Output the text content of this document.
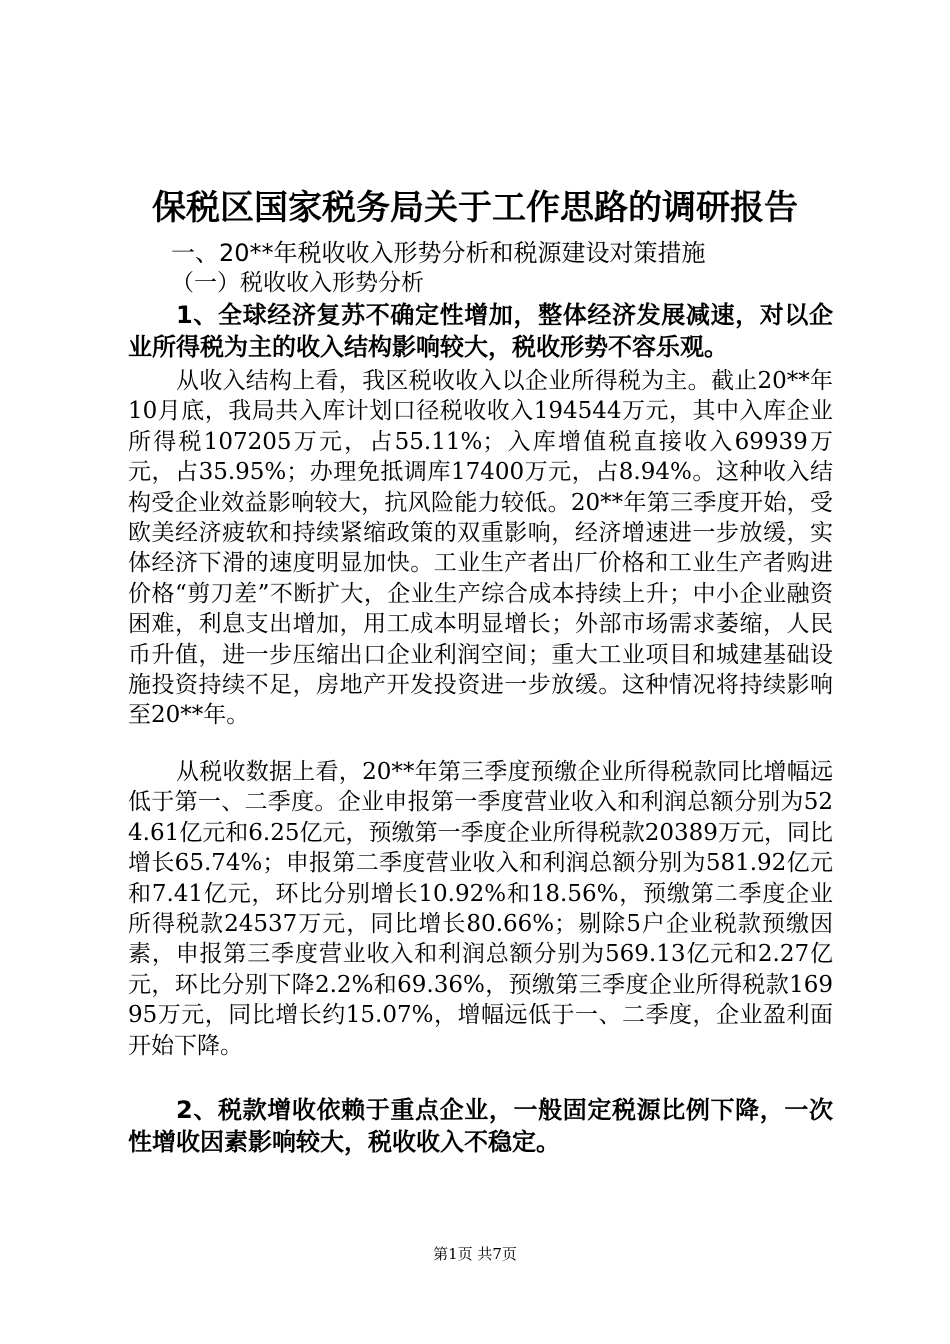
保税区国家税务局关于工作思路的调研报告

一、20**年税收收入形势分析和税源建设对策措施

（一）税收收入形势分析

1、全球经济复苏不确定性增加，整体经济发展减速，对以企业所得税为主的收入结构影响较大，税收形势不容乐观。

从收入结构上看，我区税收收入以企业所得税为主。截止20**年10月底，我局共入库计划口径税收收入194544万元，其中入库企业所得税107205万元，占55.11%；入库增值税直接收入69939万元，占35.95%；办理免抵调库17400万元，占8.94%。这种收入结构受企业效益影响较大，抗风险能力较低。20**年第三季度开始，受欧美经济疲软和持续紧缩政策的双重影响，经济增速进一步放缓，实体经济下滑的速度明显加快。工业生产者出厂价格和工业生产者购进价格“剪刀差”不断扩大，企业生产综合成本持续上升；中小企业融资困难，利息支出增加，用工成本明显增长；外部市场需求萎缩，人民币升值，进一步压缩出口企业利润空间；重大工业项目和城建基础设施投资持续不足，房地产开发投资进一步放缓。这种情况将持续影响至20**年。

从税收数据上看，20**年第三季度预缴企业所得税款同比增幅远低于第一、二季度。企业申报第一季度营业收入和利润总额分别为524.61亿元和6.25亿元，预缴第一季度企业所得税款20389万元，同比增长65.74%；申报第二季度营业收入和利润总额分别为581.92亿元和7.41亿元，环比分别增长10.92%和18.56%，预缴第二季度企业所得税款24537万元，同比增长80.66%；剔除5户企业税款预缴因素，申报第三季度营业收入和利润总额分别为569.13亿元和2.27亿元，环比分别下降2.2%和69.36%，预缴第三季度企业所得税款16995万元，同比增长约15.07%，增幅远低于一、二季度，企业盈利面开始下降。

2、税款增收依赖于重点企业，一般固定税源比例下降，一次性增收因素影响较大，税收收入不稳定。

第1页 共7页
